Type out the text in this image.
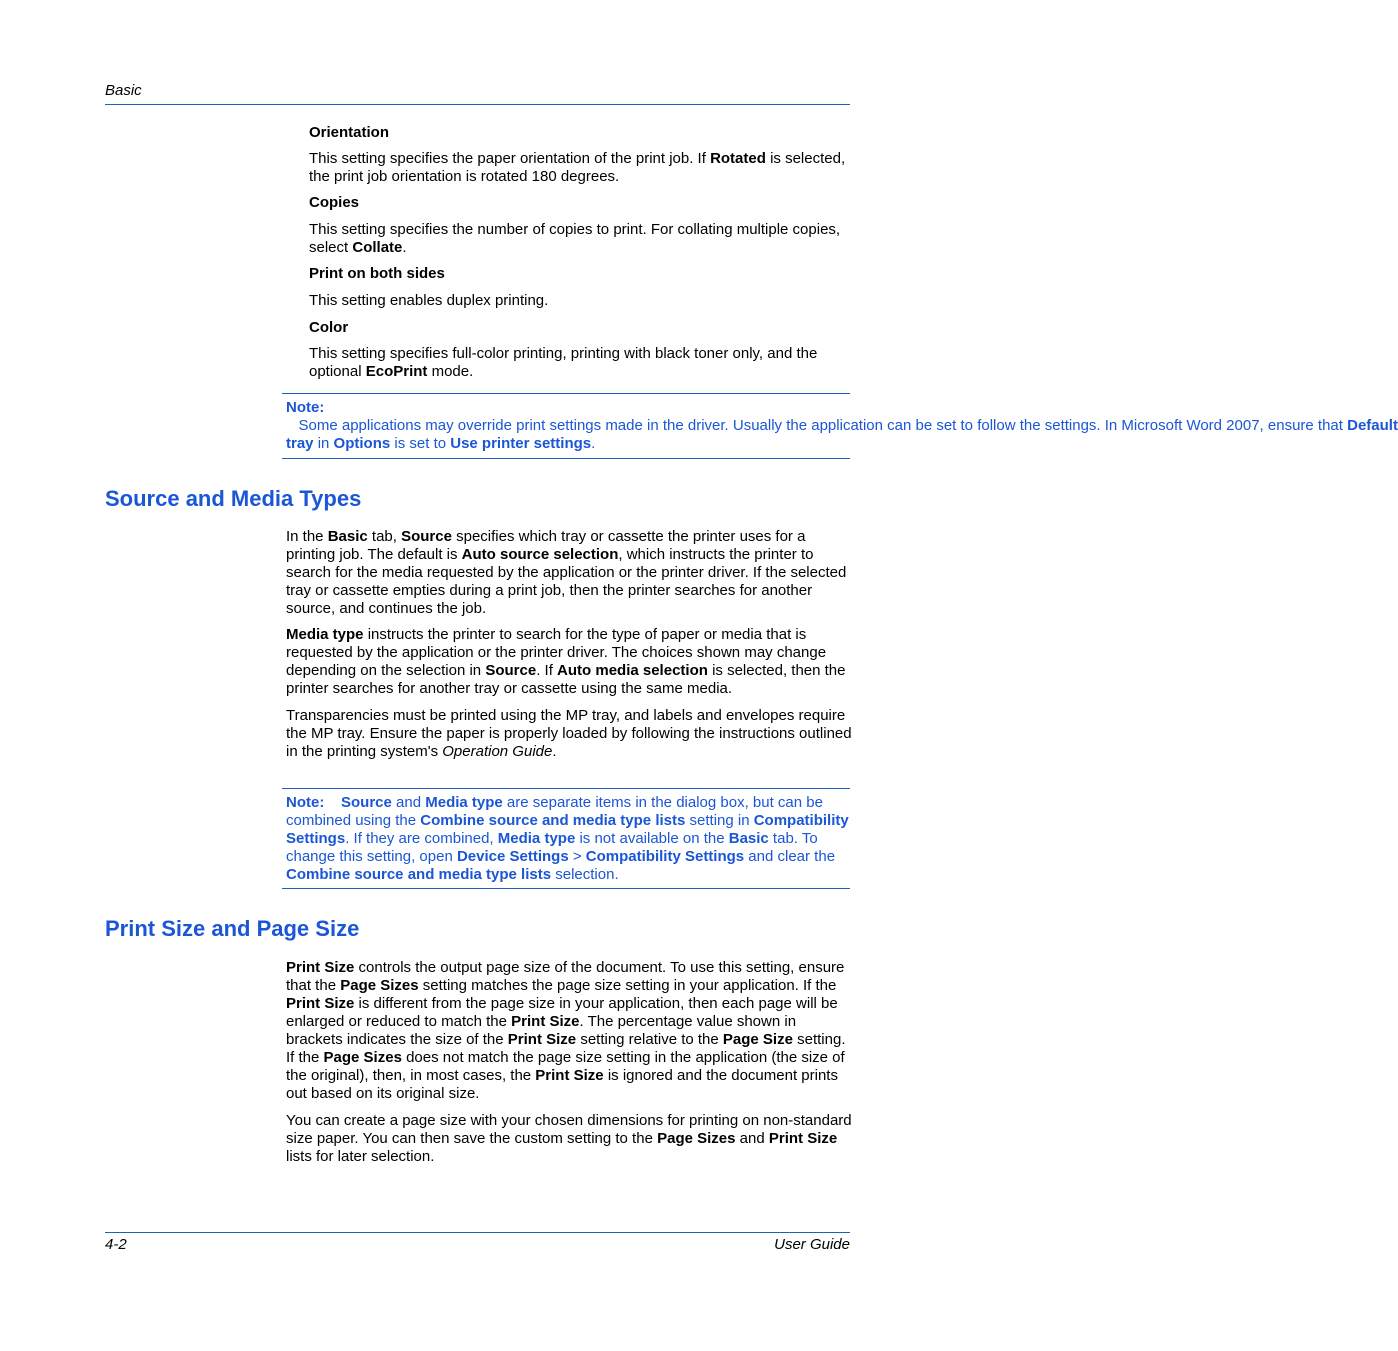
Basic
Orientation

This setting specifies the paper orientation of the print job. If Rotated is selected, the print job orientation is rotated 180 degrees.

Copies

This setting specifies the number of copies to print. For collating multiple copies, select Collate.

Print on both sides

This setting enables duplex printing.

Color

This setting specifies full-color printing, printing with black toner only, and the optional EcoPrint mode.

Note:   Some applications may override print settings made in the driver. Usually the application can be set to follow the settings. In Microsoft Word 2007, ensure that Default tray in Options is set to Use printer settings.
Source and Media Types

In the Basic tab, Source specifies which tray or cassette the printer uses for a printing job. The default is Auto source selection, which instructs the printer to search for the media requested by the application or the printer driver. If the selected tray or cassette empties during a print job, then the printer searches for another source, and continues the job.

Media type instructs the printer to search for the type of paper or media that is requested by the application or the printer driver. The choices shown may change depending on the selection in Source. If Auto media selection is selected, then the printer searches for another tray or cassette using the same media.

Transparencies must be printed using the MP tray, and labels and envelopes require the MP tray. Ensure the paper is properly loaded by following the instructions outlined in the printing system's Operation Guide.

Note: Source and Media type are separate items in the dialog box, but can be combined using the Combine source and media type lists setting in Compatibility Settings. If they are combined, Media type is not available on the Basic tab. To change this setting, open Device Settings > Compatibility Settings and clear the Combine source and media type lists selection.
Print Size and Page Size

Print Size controls the output page size of the document. To use this setting, ensure that the Page Sizes setting matches the page size setting in your application. If the Print Size is different from the page size in your application, then each page will be enlarged or reduced to match the Print Size. The percentage value shown in brackets indicates the size of the Print Size setting relative to the Page Size setting. If the Page Sizes does not match the page size setting in the application (the size of the original), then, in most cases, the Print Size is ignored and the document prints out based on its original size.

You can create a page size with your chosen dimensions for printing on non-standard size paper. You can then save the custom setting to the Page Sizes and Print Size lists for later selection.

4-2	User Guide
